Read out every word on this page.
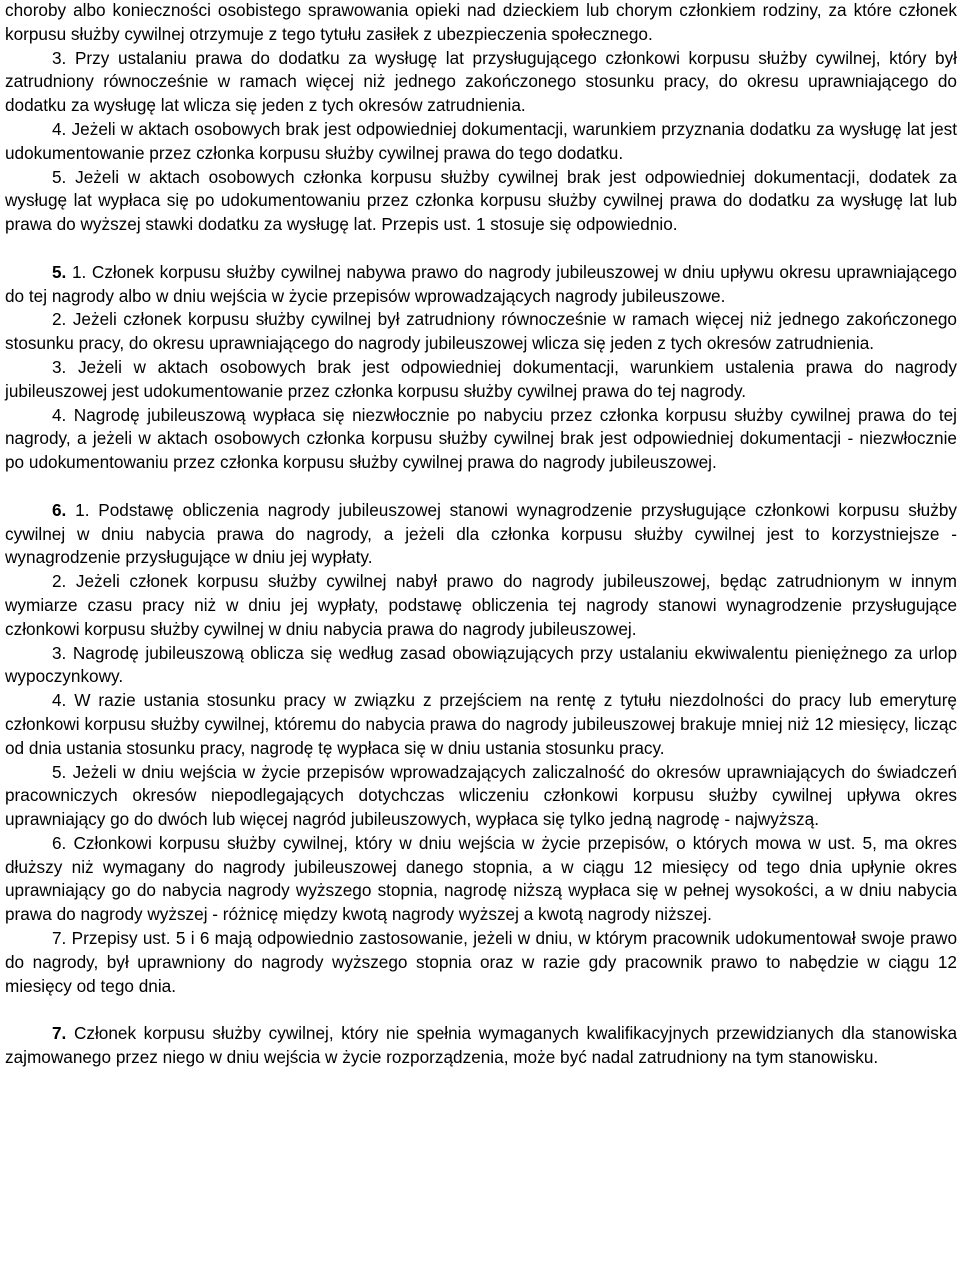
choroby albo konieczności osobistego sprawowania opieki nad dzieckiem lub chorym członkiem rodziny, za które członek korpusu służby cywilnej otrzymuje z tego tytułu zasiłek z ubezpieczenia społecznego.

3. Przy ustalaniu prawa do dodatku za wysługę lat przysługującego członkowi korpusu służby cywilnej, który był zatrudniony równocześnie w ramach więcej niż jednego zakończonego stosunku pracy, do okresu uprawniającego do dodatku za wysługę lat wlicza się jeden z tych okresów zatrudnienia.

4. Jeżeli w aktach osobowych brak jest odpowiedniej dokumentacji, warunkiem przyznania dodatku za wysługę lat jest udokumentowanie przez członka korpusu służby cywilnej prawa do tego dodatku.

5. Jeżeli w aktach osobowych członka korpusu służby cywilnej brak jest odpowiedniej dokumentacji, dodatek za wysługę lat wypłaca się po udokumentowaniu przez członka korpusu służby cywilnej prawa do dodatku za wysługę lat lub prawa do wyższej stawki dodatku za wysługę lat. Przepis ust. 1 stosuje się odpowiednio.

5. 1. Członek korpusu służby cywilnej nabywa prawo do nagrody jubileuszowej w dniu upływu okresu uprawniającego do tej nagrody albo w dniu wejścia w życie przepisów wprowadzających nagrody jubileuszowe.

2. Jeżeli członek korpusu służby cywilnej był zatrudniony równocześnie w ramach więcej niż jednego zakończonego stosunku pracy, do okresu uprawniającego do nagrody jubileuszowej wlicza się jeden z tych okresów zatrudnienia.

3. Jeżeli w aktach osobowych brak jest odpowiedniej dokumentacji, warunkiem ustalenia prawa do nagrody jubileuszowej jest udokumentowanie przez członka korpusu służby cywilnej prawa do tej nagrody.

4. Nagrodę jubileuszową wypłaca się niezwłocznie po nabyciu przez członka korpusu służby cywilnej prawa do tej nagrody, a jeżeli w aktach osobowych członka korpusu służby cywilnej brak jest odpowiedniej dokumentacji - niezwłocznie po udokumentowaniu przez członka korpusu służby cywilnej prawa do nagrody jubileuszowej.

6. 1. Podstawę obliczenia nagrody jubileuszowej stanowi wynagrodzenie przysługujące członkowi korpusu służby cywilnej w dniu nabycia prawa do nagrody, a jeżeli dla członka korpusu służby cywilnej jest to korzystniejsze - wynagrodzenie przysługujące w dniu jej wypłaty.

2. Jeżeli członek korpusu służby cywilnej nabył prawo do nagrody jubileuszowej, będąc zatrudnionym w innym wymiarze czasu pracy niż w dniu jej wypłaty, podstawę obliczenia tej nagrody stanowi wynagrodzenie przysługujące członkowi korpusu służby cywilnej w dniu nabycia prawa do nagrody jubileuszowej.

3. Nagrodę jubileuszową oblicza się według zasad obowiązujących przy ustalaniu ekwiwalentu pieniężnego za urlop wypoczynkowy.

4. W razie ustania stosunku pracy w związku z przejściem na rentę z tytułu niezdolności do pracy lub emeryturę członkowi korpusu służby cywilnej, któremu do nabycia prawa do nagrody jubileuszowej brakuje mniej niż 12 miesięcy, licząc od dnia ustania stosunku pracy, nagrodę tę wypłaca się w dniu ustania stosunku pracy.

5. Jeżeli w dniu wejścia w życie przepisów wprowadzających zaliczalność do okresów uprawniających do świadczeń pracowniczych okresów niepodlegających dotychczas wliczeniu członkowi korpusu służby cywilnej upływa okres uprawniający go do dwóch lub więcej nagród jubileuszowych, wypłaca się tylko jedną nagrodę - najwyższą.

6. Członkowi korpusu służby cywilnej, który w dniu wejścia w życie przepisów, o których mowa w ust. 5, ma okres dłuższy niż wymagany do nagrody jubileuszowej danego stopnia, a w ciągu 12 miesięcy od tego dnia upłynie okres uprawniający go do nabycia nagrody wyższego stopnia, nagrodę niższą wypłaca się w pełnej wysokości, a w dniu nabycia prawa do nagrody wyższej - różnicę między kwotą nagrody wyższej a kwotą nagrody niższej.

7. Przepisy ust. 5 i 6 mają odpowiednio zastosowanie, jeżeli w dniu, w którym pracownik udokumentował swoje prawo do nagrody, był uprawniony do nagrody wyższego stopnia oraz w razie gdy pracownik prawo to nabędzie w ciągu 12 miesięcy od tego dnia.

7. Członek korpusu służby cywilnej, który nie spełnia wymaganych kwalifikacyjnych przewidzianych dla stanowiska zajmowanego przez niego w dniu wejścia w życie rozporządzenia, może być nadal zatrudniony na tym stanowisku.
